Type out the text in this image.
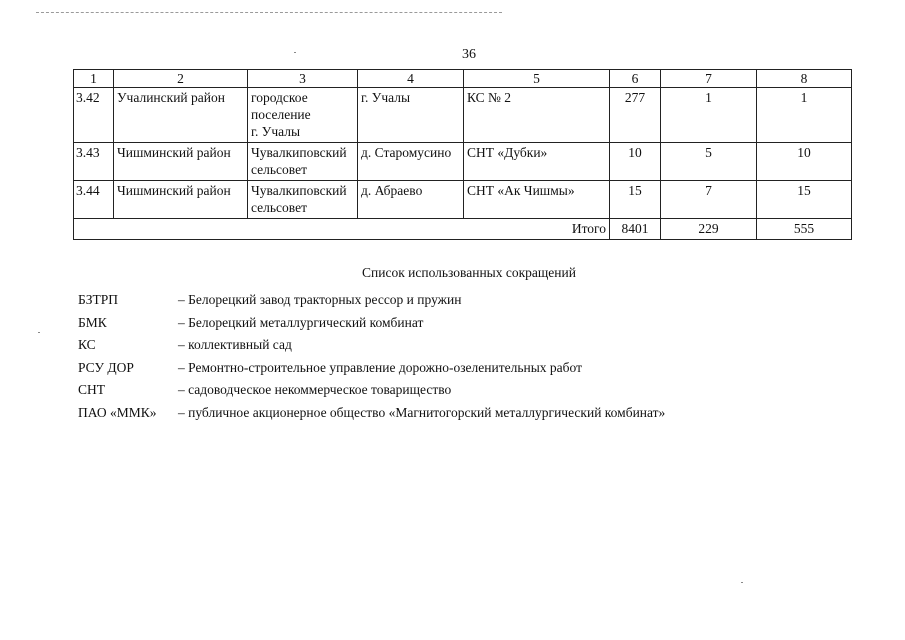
36
1	2	3	4	5	6	7	8
3.42	Учалинский район	городское
поселение
г. Учалы	г. Учалы	КС № 2	277	1	1
3.43	Чишминский район	Чувалкиповский
сельсовет	д. Старомусино	СНТ «Дубки»	10	5	10
3.44	Чишминский район	Чувалкиповский
сельсовет	д. Абраево	СНТ «Ак Чишмы»	15	7	15
Итого					8401	229	555
Список использованных сокращений
БЗТРП	– Белорецкий завод тракторных рессор и пружин
БМК	– Белорецкий металлургический комбинат
КС	– коллективный сад
РСУ ДОР	– Ремонтно-строительное управление дорожно-озеленительных работ
СНТ	– садоводческое некоммерческое товарищество
ПАО «ММК»	– публичное акционерное общество «Магнитогорский металлургический комбинат»
